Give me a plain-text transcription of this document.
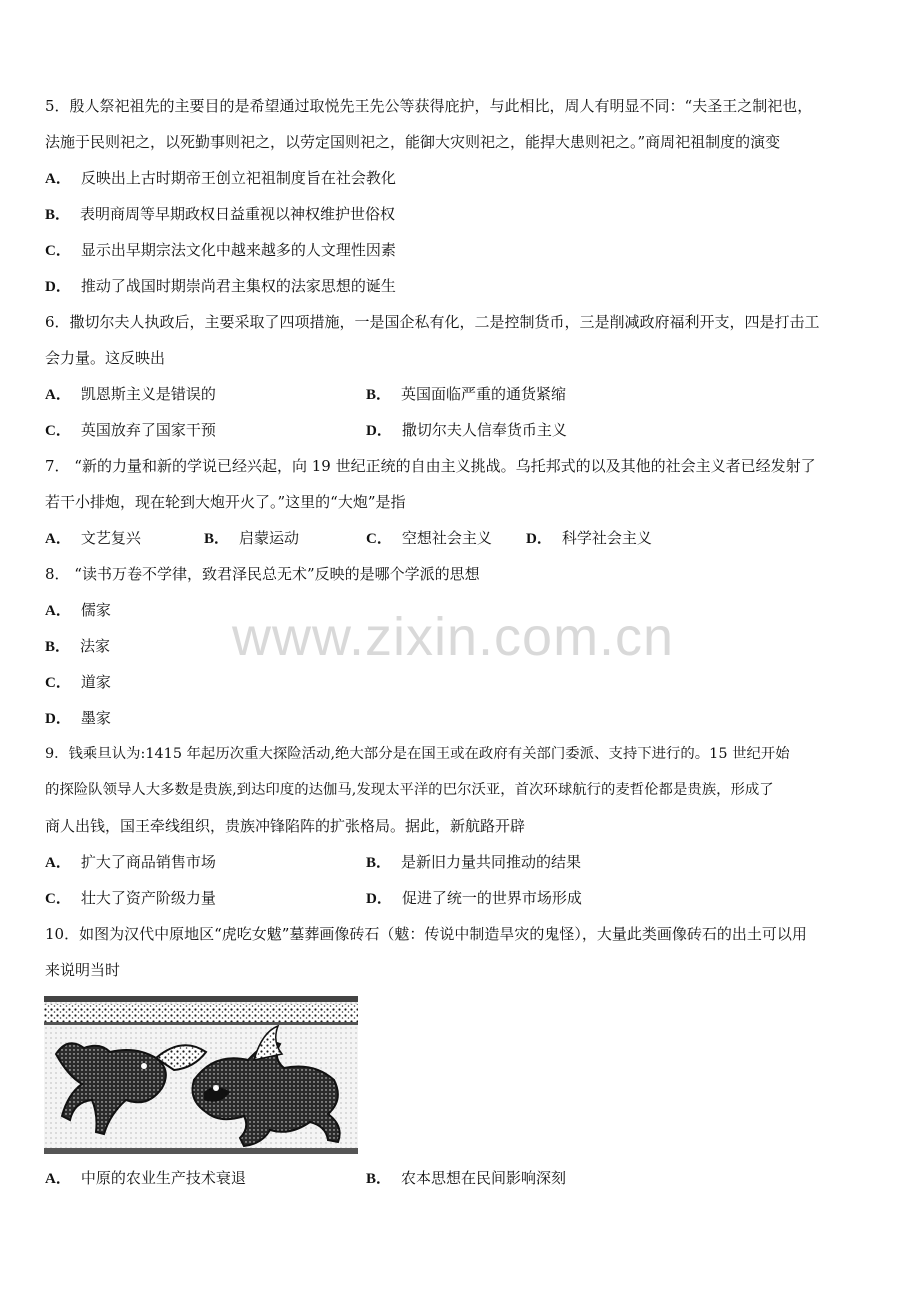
www.zixin.com.cn
5．殷人祭祀祖先的主要目的是希望通过取悦先王先公等获得庇护，与此相比，周人有明显不同：“夫圣王之制祀也，
法施于民则祀之，以死勤事则祀之，以劳定国则祀之，能御大灾则祀之，能捍大患则祀之。”商周祀祖制度的演变
A． 反映出上古时期帝王创立祀祖制度旨在社会教化
B． 表明商周等早期政权日益重视以神权维护世俗权
C． 显示出早期宗法文化中越来越多的人文理性因素
D． 推动了战国时期崇尚君主集权的法家思想的诞生
6．撒切尔夫人执政后，主要采取了四项措施，一是国企私有化，二是控制货币，三是削减政府福利开支，四是打击工
会力量。这反映出
A． 凯恩斯主义是错误的	B． 英国面临严重的通货紧缩
C． 英国放弃了国家干预	D． 撒切尔夫人信奉货币主义
7． “新的力量和新的学说已经兴起，向 19 世纪正统的自由主义挑战。乌托邦式的以及其他的社会主义者已经发射了
若干小排炮，现在轮到大炮开火了。”这里的“大炮”是指
A． 文艺复兴	B． 启蒙运动	C． 空想社会主义 D． 科学社会主义
8． “读书万卷不学律，致君泽民总无术”反映的是哪个学派的思想
A． 儒家
B． 法家
C． 道家
D． 墨家
9．钱乘旦认为:1415 年起历次重大探险活动,绝大部分是在国王或在政府有关部门委派、支持下进行的。15 世纪开始
的探险队领导人大多数是贵族,到达印度的达伽马,发现太平洋的巴尔沃亚，首次环球航行的麦哲伦都是贵族，形成了
商人出钱，国王牵线组织，贵族冲锋陷阵的扩张格局。据此，新航路开辟
A． 扩大了商品销售市场	B． 是新旧力量共同推动的结果
C． 壮大了资产阶级力量	D． 促进了统一的世界市场形成
10．如图为汉代中原地区“虎吃女魃”墓葬画像砖石（魃：传说中制造旱灾的鬼怪），大量此类画像砖石的出土可以用
来说明当时
A． 中原的农业生产技术衰退	B． 农本思想在民间影响深刻
